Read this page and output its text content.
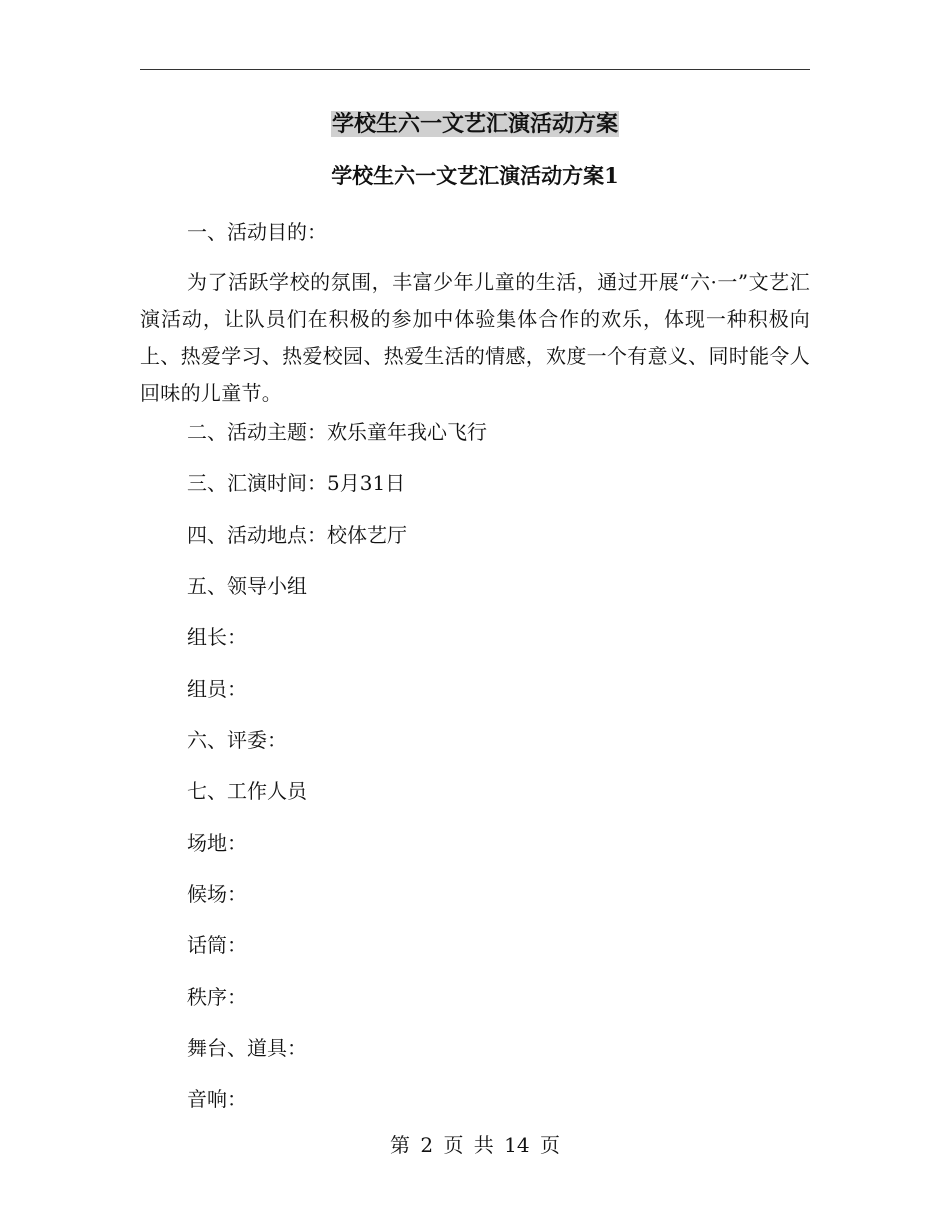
学校生六一文艺汇演活动方案
学校生六一文艺汇演活动方案1
一、活动目的：
为了活跃学校的氛围，丰富少年儿童的生活，通过开展“六·一”文艺汇演活动，让队员们在积极的参加中体验集体合作的欢乐，体现一种积极向上、热爱学习、热爱校园、热爱生活的情感，欢度一个有意义、同时能令人回味的儿童节。
二、活动主题：欢乐童年我心飞行
三、汇演时间：5月31日
四、活动地点：校体艺厅
五、领导小组
组长：
组员：
六、评委：
七、工作人员
场地：
候场：
话筒：
秩序：
舞台、道具：
音响：
第 2 页 共 14 页
